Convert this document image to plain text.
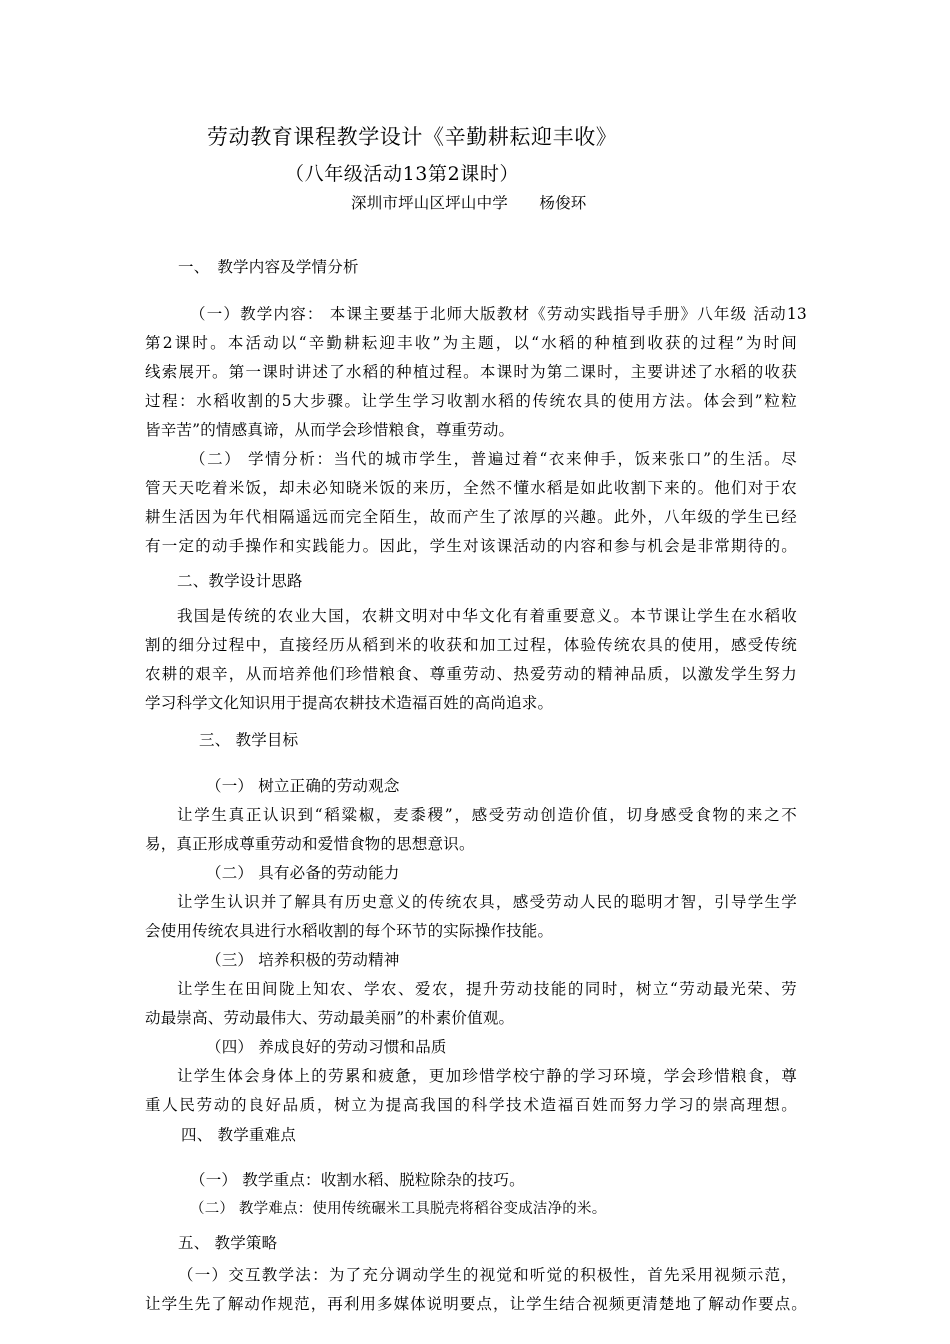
劳动教育课程教学设计《辛勤耕耘迎丰收》
（八年级活动13第2课时）
深圳市坪山区坪山中学　　杨俊环
一、　教学内容及学情分析
（一）教学内容： 本课主要基于北师大版教材《劳动实践指导手册》八年级 活动13
第2课时。本活动以“辛勤耕耘迎丰收”为主题，以“水稻的种植到收获的过程”为时间
线索展开。第一课时讲述了水稻的种植过程。本课时为第二课时，主要讲述了水稻的收获
过程：水稻收割的5大步骤。让学生学习收割水稻的传统农具的使用方法。体会到”粒粒
皆辛苦”的情感真谛，从而学会珍惜粮食，尊重劳动。
（二） 学情分析：当代的城市学生，普遍过着“衣来伸手，饭来张口”的生活。尽
管天天吃着米饭，却未必知晓米饭的来历，全然不懂水稻是如此收割下来的。他们对于农
耕生活因为年代相隔遥远而完全陌生，故而产生了浓厚的兴趣。此外，八年级的学生已经
有一定的动手操作和实践能力。因此，学生对该课活动的内容和参与机会是非常期待的。
二、教学设计思路
我国是传统的农业大国，农耕文明对中华文化有着重要意义。本节课让学生在水稻收
割的细分过程中，直接经历从稻到米的收获和加工过程，体验传统农具的使用，感受传统
农耕的艰辛，从而培养他们珍惜粮食、尊重劳动、热爱劳动的精神品质，以激发学生努力
学习科学文化知识用于提高农耕技术造福百姓的高尚追求。
三、 教学目标
（一） 树立正确的劳动观念
让学生真正认识到“稻粱椒，麦黍稷”，感受劳动创造价值，切身感受食物的来之不
易，真正形成尊重劳动和爱惜食物的思想意识。
（二） 具有必备的劳动能力
让学生认识并了解具有历史意义的传统农具，感受劳动人民的聪明才智，引导学生学
会使用传统农具进行水稻收割的每个环节的实际操作技能。
（三） 培养积极的劳动精神
让学生在田间陇上知农、学农、爱农，提升劳动技能的同时，树立“劳动最光荣、劳
动最崇高、劳动最伟大、劳动最美丽”的朴素价值观。
（四） 养成良好的劳动习惯和品质
让学生体会身体上的劳累和疲惫，更加珍惜学校宁静的学习环境，学会珍惜粮食，尊
重人民劳动的良好品质，树立为提高我国的科学技术造福百姓而努力学习的崇高理想。
四、 教学重难点
（一） 教学重点：收割水稻、脱粒除杂的技巧。
（二） 教学难点：使用传统碾米工具脱壳将稻谷变成洁净的米。
五、 教学策略
（一）交互教学法：为了充分调动学生的视觉和听觉的积极性，首先采用视频示范，
让学生先了解动作规范，再利用多媒体说明要点，让学生结合视频更清楚地了解动作要点。
